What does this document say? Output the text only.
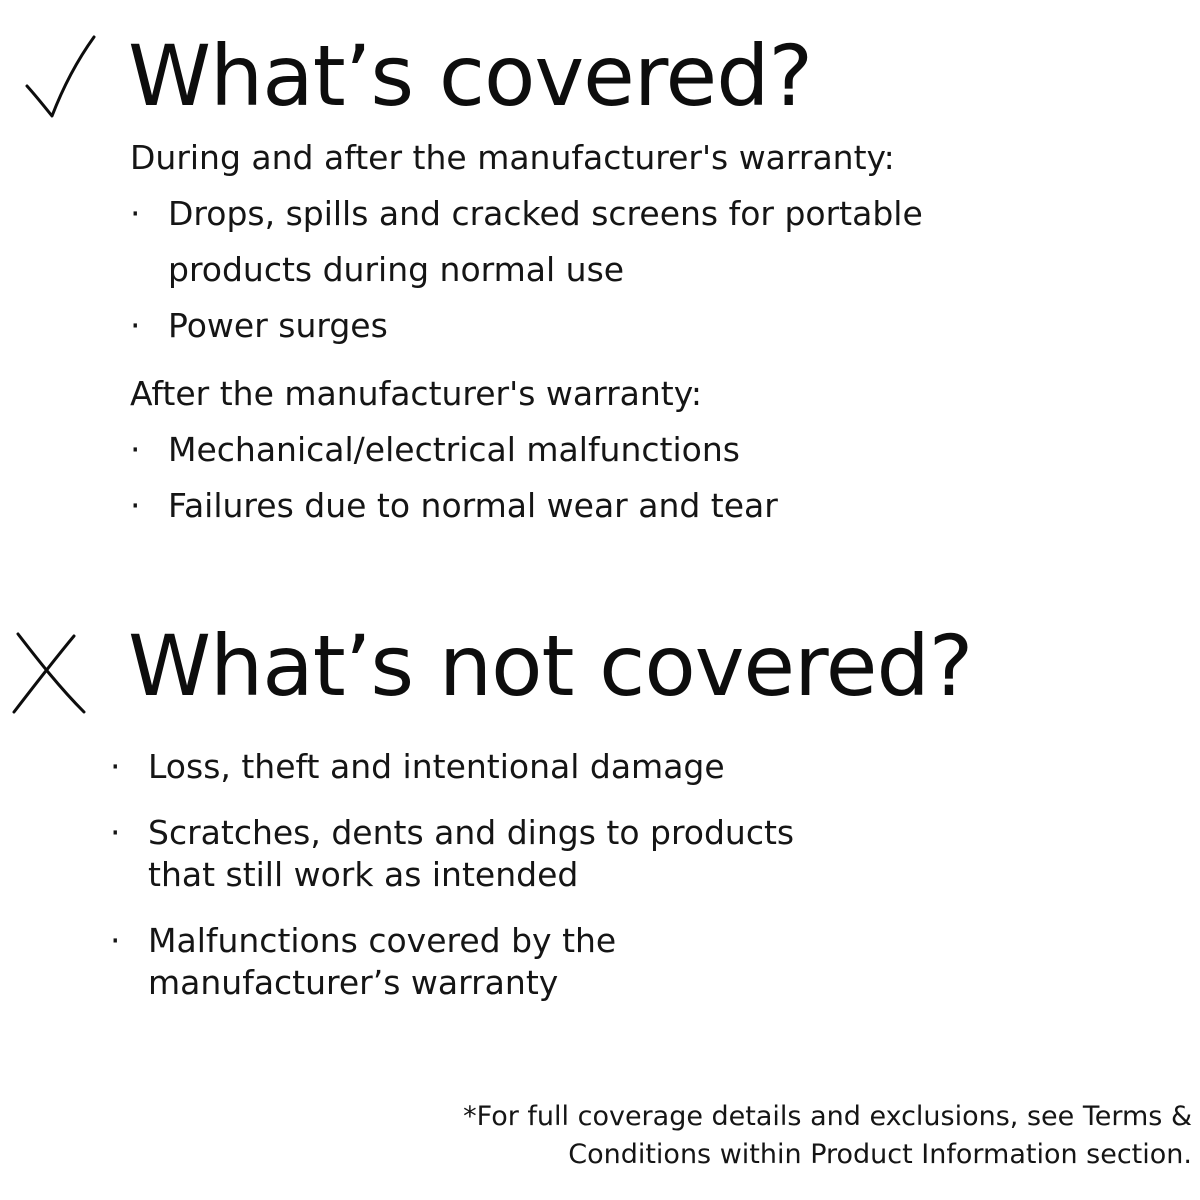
What’s covered?
During and after the manufacturer's warranty:
· Drops, spills and cracked screens for portable
products during normal use
· Power surges
After the manufacturer's warranty:
· Mechanical/electrical malfunctions
· Failures due to normal wear and tear
What’s not covered?
· Loss, theft and intentional damage
· Scratches, dents and dings to products
that still work as intended
· Malfunctions covered by the
manufacturer’s warranty
*For full coverage details and exclusions, see Terms &
Conditions within Product Information section.
